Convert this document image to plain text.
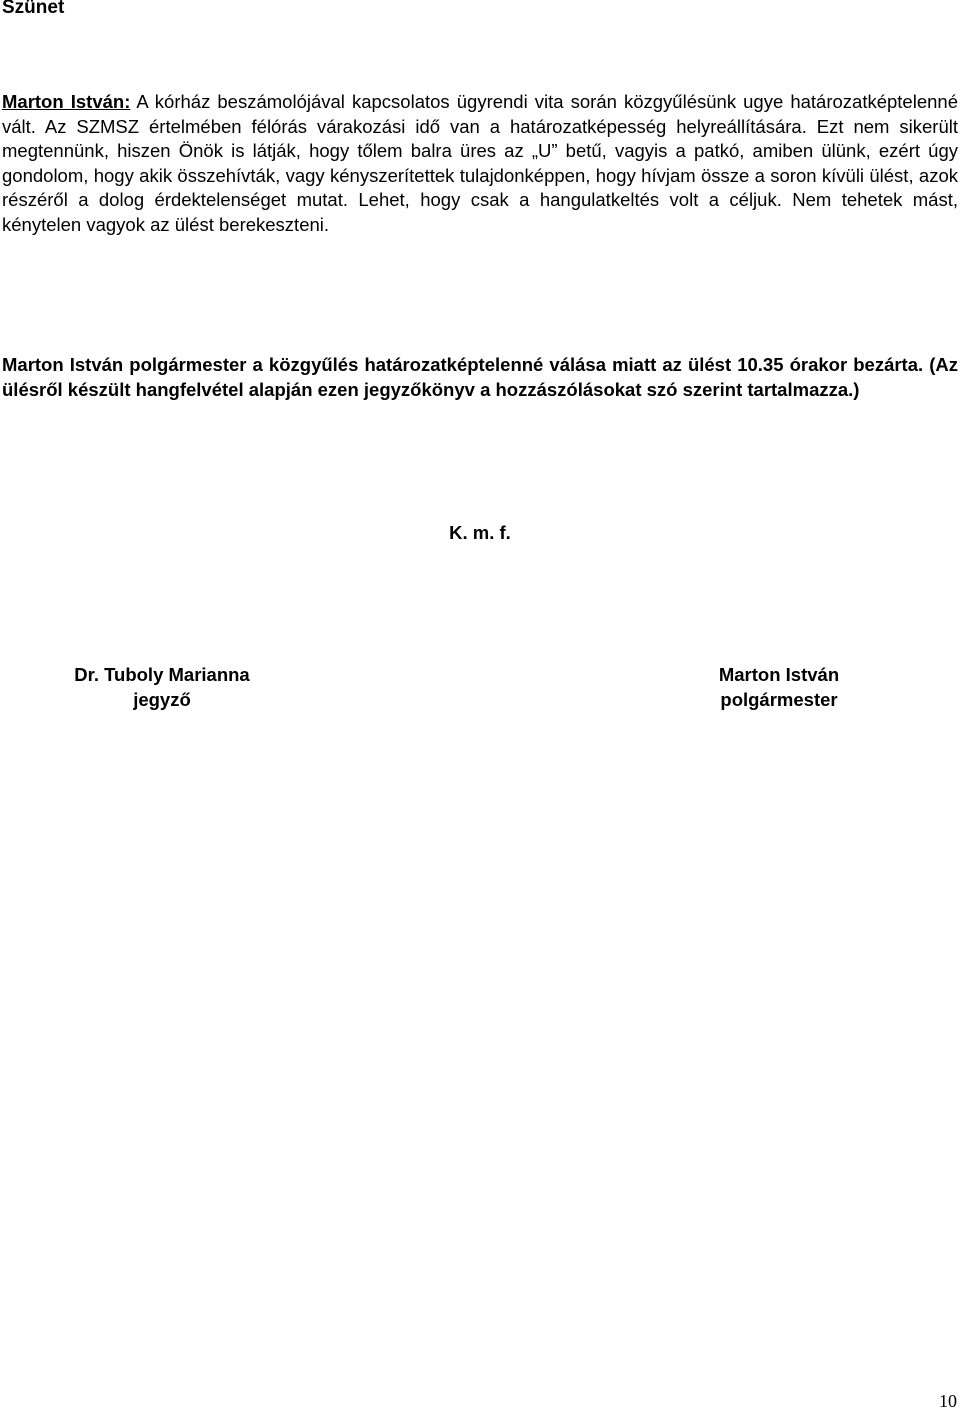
Szünet

Marton István: A kórház beszámolójával kapcsolatos ügyrendi vita során közgyűlésünk ugye határozatképtelenné vált. Az SZMSZ értelmében félórás várakozási idő van a határozatképesség helyreállítására. Ezt nem sikerült megtennünk, hiszen Önök is látják, hogy tőlem balra üres az „U” betű, vagyis a patkó, amiben ülünk, ezért úgy gondolom, hogy akik összehívták, vagy kényszerítettek tulajdonképpen, hogy hívjam össze a soron kívüli ülést, azok részéről a dolog érdektelenséget mutat. Lehet, hogy csak a hangulatkeltés volt a céljuk. Nem tehetek mást, kénytelen vagyok az ülést berekeszteni.

Marton István polgármester a közgyűlés határozatképtelenné válása miatt az ülést 10.35 órakor bezárta. (Az ülésről készült hangfelvétel alapján ezen jegyzőkönyv a hozzászólásokat szó szerint tartalmazza.)

K. m. f.
Dr. Tuboly Marianna
jegyző
Marton István
polgármester
10
